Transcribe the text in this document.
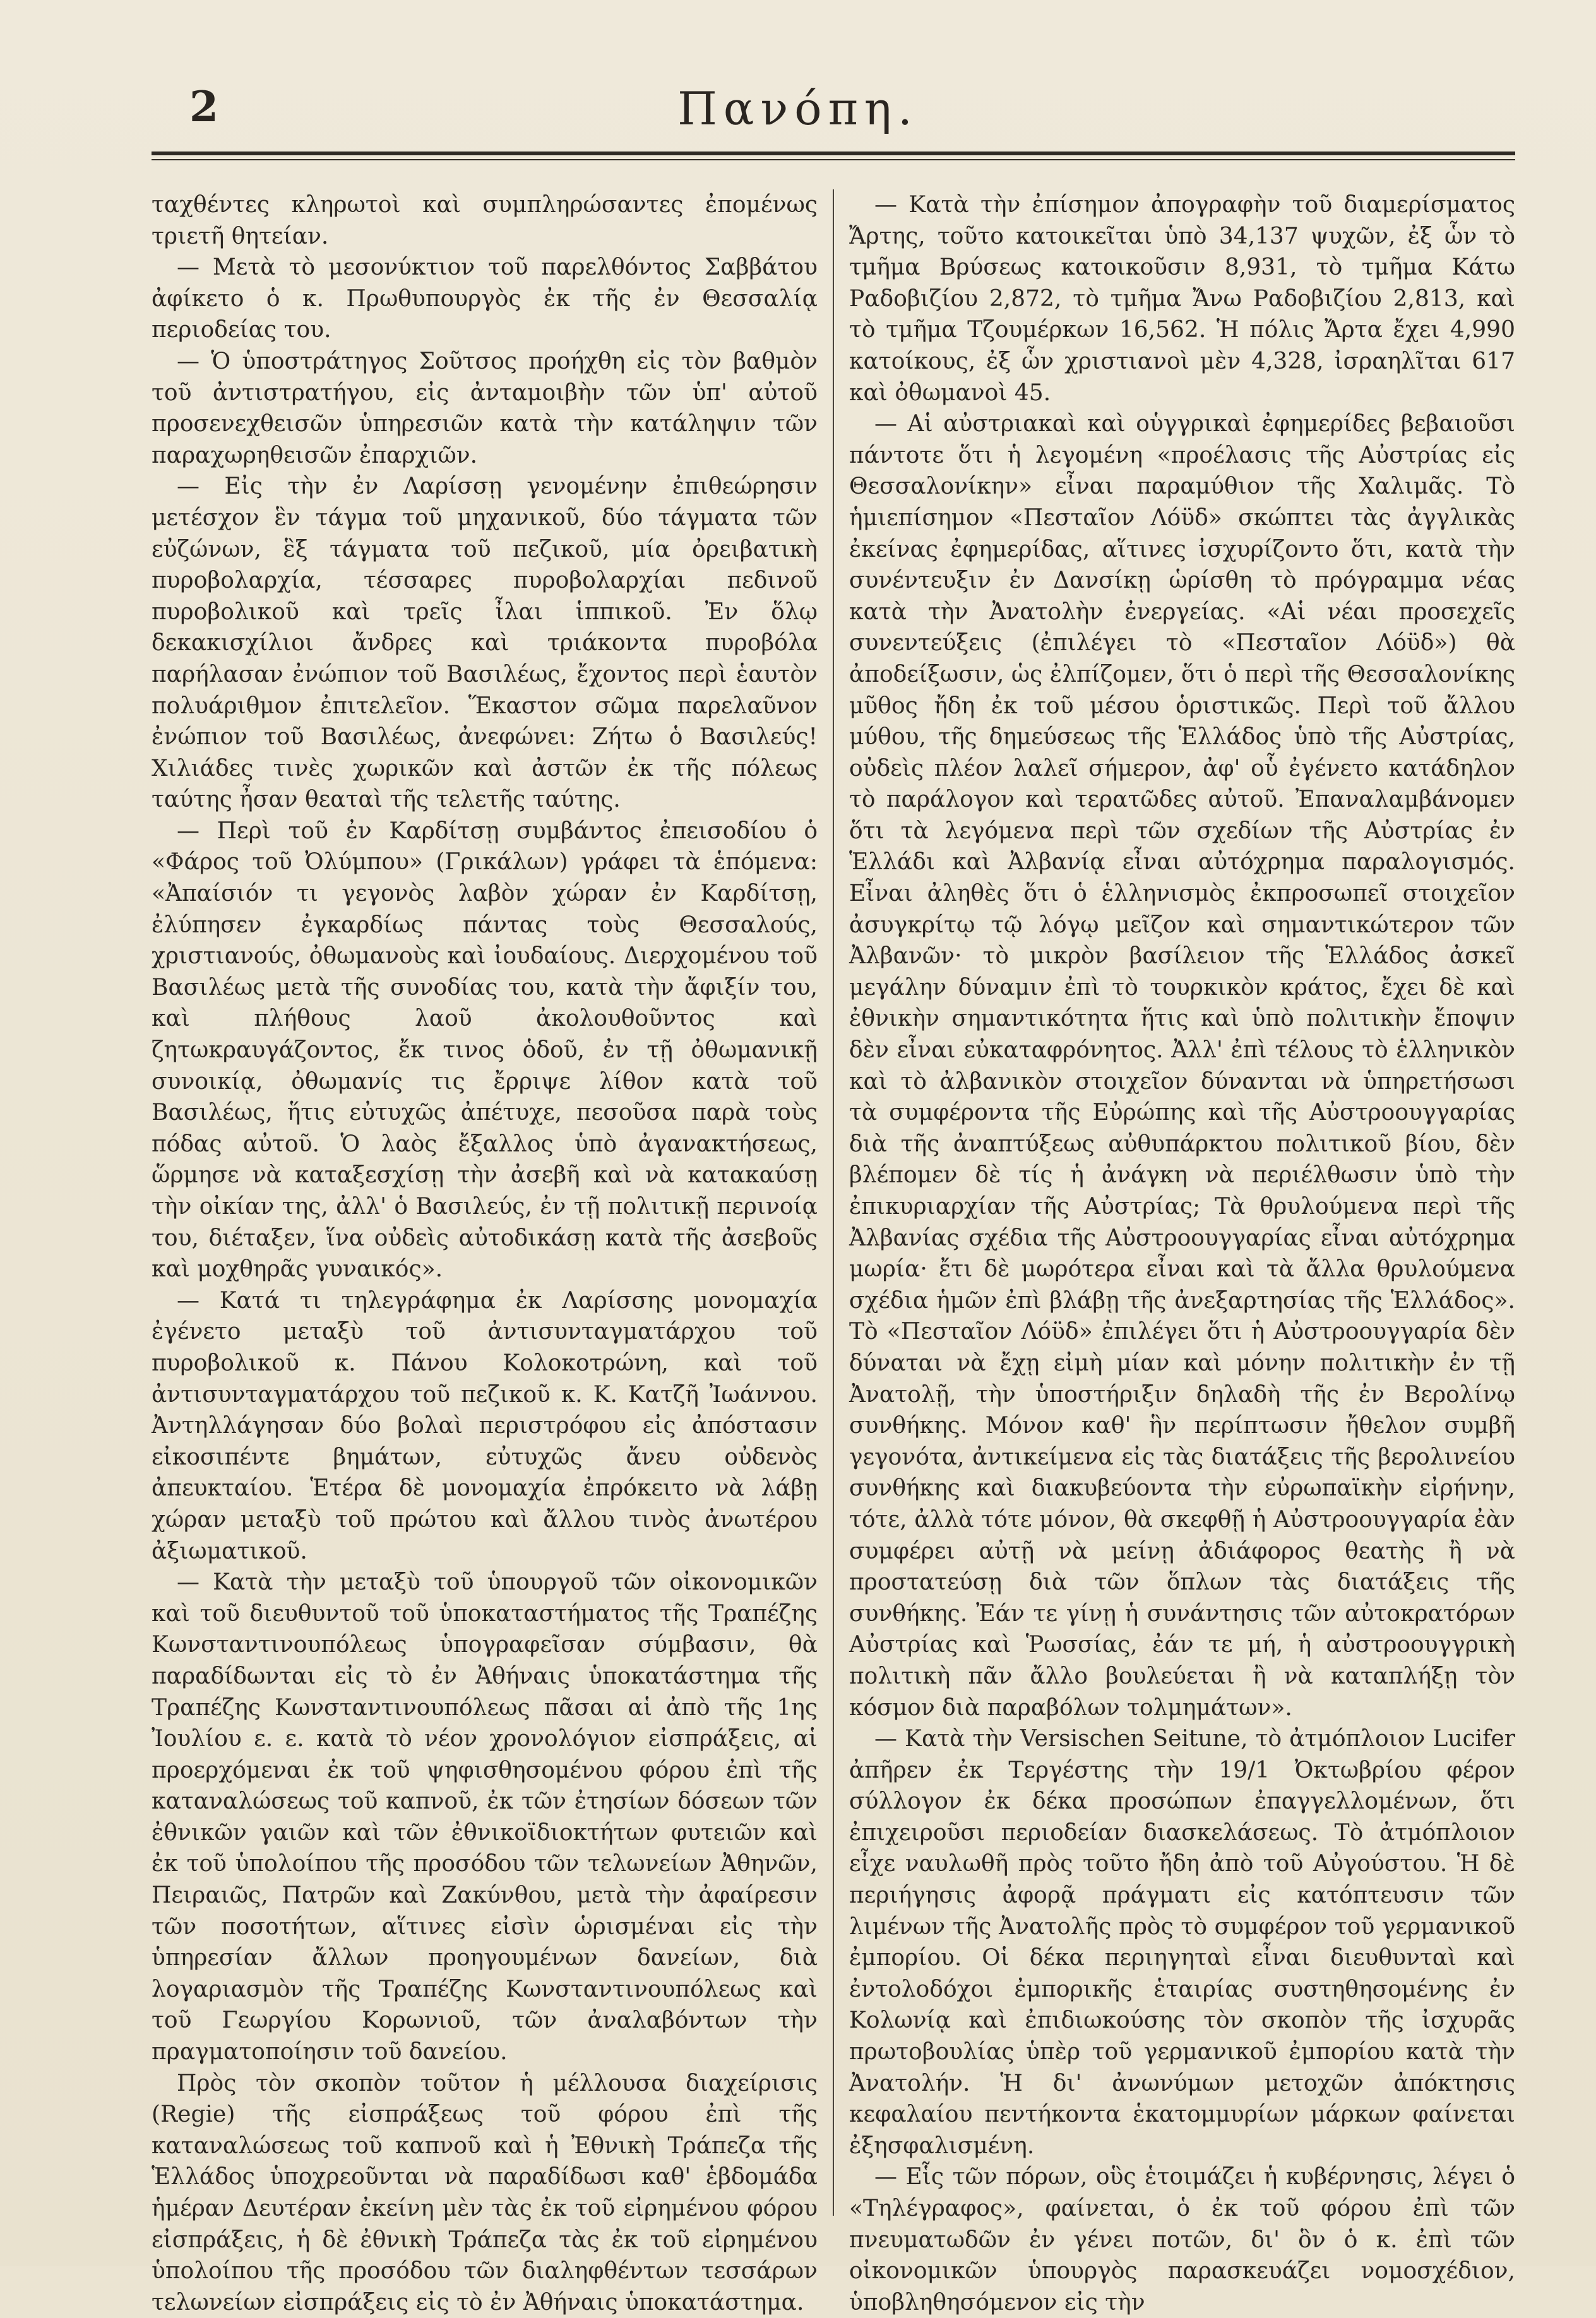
2	Πανόπη.

ταχθέντες κληρωτοὶ καὶ συμπληρώσαντες ἐπομένως τριετῆ θητείαν.

— Μετὰ τὸ μεσονύκτιον τοῦ παρελθόντος Σαββάτου ἀφίκετο ὁ κ. Πρωθυπουργὸς ἐκ τῆς ἐν Θεσσαλίᾳ περιοδείας του.

— Ὁ ὑποστράτηγος Σοῦτσος προήχθη εἰς τὸν βαθμὸν τοῦ ἀντιστρατήγου, εἰς ἀνταμοιβὴν τῶν ὑπ' αὐτοῦ προσενεχθεισῶν ὑπηρεσιῶν κατὰ τὴν κατάληψιν τῶν παραχωρηθεισῶν ἐπαρχιῶν.

— Εἰς τὴν ἐν Λαρίσσῃ γενομένην ἐπιθεώρησιν μετέσχον ἓν τάγμα τοῦ μηχανικοῦ, δύο τάγματα τῶν εὐζώνων, ἓξ τάγματα τοῦ πεζικοῦ, μία ὀρειβατικὴ πυροβολαρχία, τέσσαρες πυροβολαρχίαι πεδινοῦ πυροβολικοῦ καὶ τρεῖς ἶλαι ἱππικοῦ. Ἐν ὅλῳ δεκακισχίλιοι ἄνδρες καὶ τριάκοντα πυροβόλα παρήλασαν ἐνώπιον τοῦ Βασιλέως, ἔχοντος περὶ ἑαυτὸν πολυάριθμον ἐπιτελεῖον. Ἕκαστον σῶμα παρελαῦνον ἐνώπιον τοῦ Βασιλέως, ἀνεφώνει: Ζήτω ὁ Βασιλεύς! Χιλιάδες τινὲς χωρικῶν καὶ ἀστῶν ἐκ τῆς πόλεως ταύτης ἦσαν θεαταὶ τῆς τελετῆς ταύτης.

— Περὶ τοῦ ἐν Καρδίτσῃ συμβάντος ἐπεισοδίου ὁ «Φάρος τοῦ Ὀλύμπου» (Γρικάλων) γράφει τὰ ἑπόμενα: «Ἀπαίσιόν τι γεγονὸς λαβὸν χώραν ἐν Καρδίτσῃ, ἐλύπησεν ἐγκαρδίως πάντας τοὺς Θεσσαλούς, χριστιανούς, ὀθωμανοὺς καὶ ἰουδαίους. Διερχομένου τοῦ Βασιλέως μετὰ τῆς συνοδίας του, κατὰ τὴν ἄφιξίν του, καὶ πλήθους λαοῦ ἀκολουθοῦντος καὶ ζητωκραυγάζοντος, ἔκ τινος ὁδοῦ, ἐν τῇ ὀθωμανικῇ συνοικίᾳ, ὀθωμανίς τις ἔρριψε λίθον κατὰ τοῦ Βασιλέως, ἥτις εὐτυχῶς ἀπέτυχε, πεσοῦσα παρὰ τοὺς πόδας αὐτοῦ. Ὁ λαὸς ἔξαλλος ὑπὸ ἀγανακτήσεως, ὥρμησε νὰ καταξεσχίσῃ τὴν ἀσεβῆ καὶ νὰ κατακαύσῃ τὴν οἰκίαν της, ἀλλ' ὁ Βασιλεύς, ἐν τῇ πολιτικῇ περινοίᾳ του, διέταξεν, ἵνα οὐδεὶς αὐτοδικάσῃ κατὰ τῆς ἀσεβοῦς καὶ μοχθηρᾶς γυναικός».

— Κατά τι τηλεγράφημα ἐκ Λαρίσσης μονομαχία ἐγένετο μεταξὺ τοῦ ἀντισυνταγματάρχου τοῦ πυροβολικοῦ κ. Πάνου Κολοκοτρώνη, καὶ τοῦ ἀντισυνταγματάρχου τοῦ πεζικοῦ κ. Κ. Κατζῆ Ἰωάννου. Ἀντηλλάγησαν δύο βολαὶ περιστρόφου εἰς ἀπόστασιν εἰκοσιπέντε βημάτων, εὐτυχῶς ἄνευ οὐδενὸς ἀπευκταίου. Ἑτέρα δὲ μονομαχία ἐπρόκειτο νὰ λάβῃ χώραν μεταξὺ τοῦ πρώτου καὶ ἄλλου τινὸς ἀνωτέρου ἀξιωματικοῦ.

— Κατὰ τὴν μεταξὺ τοῦ ὑπουργοῦ τῶν οἰκονομικῶν καὶ τοῦ διευθυντοῦ τοῦ ὑποκαταστήματος τῆς Τραπέζης Κωνσταντινουπόλεως ὑπογραφεῖσαν σύμβασιν, θὰ παραδίδωνται εἰς τὸ ἐν Ἀθήναις ὑποκατάστημα τῆς Τραπέζης Κωνσταντινουπόλεως πᾶσαι αἱ ἀπὸ τῆς 1ης Ἰουλίου ε. ε. κατὰ τὸ νέον χρονολόγιον εἰσπράξεις, αἱ προερχόμεναι ἐκ τοῦ ψηφισθησομένου φόρου ἐπὶ τῆς καταναλώσεως τοῦ καπνοῦ, ἐκ τῶν ἐτησίων δόσεων τῶν ἐθνικῶν γαιῶν καὶ τῶν ἐθνικοϊδιοκτήτων φυτειῶν καὶ ἐκ τοῦ ὑπολοίπου τῆς προσόδου τῶν τελωνείων Ἀθηνῶν, Πειραιῶς, Πατρῶν καὶ Ζακύνθου, μετὰ τὴν ἀφαίρεσιν τῶν ποσοτήτων, αἵτινες εἰσὶν ὡρισμέναι εἰς τὴν ὑπηρεσίαν ἄλλων προηγουμένων δανείων, διὰ λογαριασμὸν τῆς Τραπέζης Κωνσταντινουπόλεως καὶ τοῦ Γεωργίου Κορωνιοῦ, τῶν ἀναλαβόντων τὴν πραγματοποίησιν τοῦ δανείου.

Πρὸς τὸν σκοπὸν τοῦτον ἡ μέλλουσα διαχείρισις (Regie) τῆς εἰσπράξεως τοῦ φόρου ἐπὶ τῆς καταναλώσεως τοῦ καπνοῦ καὶ ἡ Ἐθνικὴ Τράπεζα τῆς Ἑλλάδος ὑποχρεοῦνται νὰ παραδίδωσι καθ' ἑβδομάδα ἡμέραν Δευτέραν ἐκείνη μὲν τὰς ἐκ τοῦ εἰρημένου φόρου εἰσπράξεις, ἡ δὲ ἐθνικὴ Τράπεζα τὰς ἐκ τοῦ εἰρημένου ὑπολοίπου τῆς προσόδου τῶν διαληφθέντων τεσσάρων τελωνείων εἰσπράξεις εἰς τὸ ἐν Ἀθήναις ὑποκατάστημα.

— Κατὰ τὴν ἐπίσημον ἀπογραφὴν τοῦ διαμερίσματος Ἄρτης, τοῦτο κατοικεῖται ὑπὸ 34,137 ψυχῶν, ἐξ ὧν τὸ τμῆμα Βρύσεως κατοικοῦσιν 8,931, τὸ τμῆμα Κάτω Ραδοβιζίου 2,872, τὸ τμῆμα Ἄνω Ραδοβιζίου 2,813, καὶ τὸ τμῆμα Τζουμέρκων 16,562. Ἡ πόλις Ἄρτα ἔχει 4,990 κατοίκους, ἐξ ὧν χριστιανοὶ μὲν 4,328, ἰσραηλῖται 617 καὶ ὀθωμανοὶ 45.

— Αἱ αὐστριακαὶ καὶ οὑγγρικαὶ ἐφημερίδες βεβαιοῦσι πάντοτε ὅτι ἡ λεγομένη «προέλασις τῆς Αὐστρίας εἰς Θεσσαλονίκην» εἶναι παραμύθιον τῆς Χαλιμᾶς. Τὸ ἡμιεπίσημον «Πεσταῖον Λόϋδ» σκώπτει τὰς ἀγγλικὰς ἐκείνας ἐφημερίδας, αἵτινες ἰσχυρίζοντο ὅτι, κατὰ τὴν συνέντευξιν ἐν Δανσίκῃ ὡρίσθη τὸ πρόγραμμα νέας κατὰ τὴν Ἀνατολὴν ἐνεργείας. «Αἱ νέαι προσεχεῖς συνεντεύξεις (ἐπιλέγει τὸ «Πεσταῖον Λόϋδ») θὰ ἀποδείξωσιν, ὡς ἐλπίζομεν, ὅτι ὁ περὶ τῆς Θεσσαλονίκης μῦθος ἤδη ἐκ τοῦ μέσου ὁριστικῶς. Περὶ τοῦ ἄλλου μύθου, τῆς δημεύσεως τῆς Ἑλλάδος ὑπὸ τῆς Αὐστρίας, οὐδεὶς πλέον λαλεῖ σήμερον, ἀφ' οὗ ἐγένετο κατάδηλον τὸ παράλογον καὶ τερατῶδες αὐτοῦ. Ἐπαναλαμβάνομεν ὅτι τὰ λεγόμενα περὶ τῶν σχεδίων τῆς Αὐστρίας ἐν Ἑλλάδι καὶ Ἀλβανίᾳ εἶναι αὐτόχρημα παραλογισμός. Εἶναι ἀληθὲς ὅτι ὁ ἑλληνισμὸς ἐκπροσωπεῖ στοιχεῖον ἀσυγκρίτῳ τῷ λόγῳ μεῖζον καὶ σημαντικώτερον τῶν Ἀλβανῶν· τὸ μικρὸν βασίλειον τῆς Ἑλλάδος ἀσκεῖ μεγάλην δύναμιν ἐπὶ τὸ τουρκικὸν κράτος, ἔχει δὲ καὶ ἐθνικὴν σημαντικότητα ἥτις καὶ ὑπὸ πολιτικὴν ἔποψιν δὲν εἶναι εὐκαταφρόνητος. Ἀλλ' ἐπὶ τέλους τὸ ἑλληνικὸν καὶ τὸ ἀλβανικὸν στοιχεῖον δύνανται νὰ ὑπηρετήσωσι τὰ συμφέροντα τῆς Εὐρώπης καὶ τῆς Αὐστροουγγαρίας διὰ τῆς ἀναπτύξεως αὐθυπάρκτου πολιτικοῦ βίου, δὲν βλέπομεν δὲ τίς ἡ ἀνάγκη νὰ περιέλθωσιν ὑπὸ τὴν ἐπικυριαρχίαν τῆς Αὐστρίας; Τὰ θρυλούμενα περὶ τῆς Ἀλβανίας σχέδια τῆς Αὐστροουγγαρίας εἶναι αὐτόχρημα μωρία· ἔτι δὲ μωρότερα εἶναι καὶ τὰ ἄλλα θρυλούμενα σχέδια ἡμῶν ἐπὶ βλάβῃ τῆς ἀνεξαρτησίας τῆς Ἑλλάδος». Τὸ «Πεσταῖον Λόϋδ» ἐπιλέγει ὅτι ἡ Αὐστροουγγαρία δὲν δύναται νὰ ἔχῃ εἰμὴ μίαν καὶ μόνην πολιτικὴν ἐν τῇ Ἀνατολῇ, τὴν ὑποστήριξιν δηλαδὴ τῆς ἐν Βερολίνῳ συνθήκης. Μόνον καθ' ἣν περίπτωσιν ἤθελον συμβῆ γεγονότα, ἀντικείμενα εἰς τὰς διατάξεις τῆς βερολινείου συνθήκης καὶ διακυβεύοντα τὴν εὐρωπαϊκὴν εἰρήνην, τότε, ἀλλὰ τότε μόνον, θὰ σκεφθῇ ἡ Αὐστροουγγαρία ἐὰν συμφέρει αὐτῇ νὰ μείνῃ ἀδιάφορος θεατὴς ἢ νὰ προστατεύσῃ διὰ τῶν ὅπλων τὰς διατάξεις τῆς συνθήκης. Ἐάν τε γίνῃ ἡ συνάντησις τῶν αὐτοκρατόρων Αὐστρίας καὶ Ῥωσσίας, ἐάν τε μή, ἡ αὐστροουγγρικὴ πολιτικὴ πᾶν ἄλλο βουλεύεται ἢ νὰ καταπλήξῃ τὸν κόσμον διὰ παραβόλων τολμημάτων».

— Κατὰ τὴν Versischen Seitune, τὸ ἀτμόπλοιον Lucifer ἀπῆρεν ἐκ Τεργέστης τὴν 19/1 Ὀκτωβρίου φέρον σύλλογον ἐκ δέκα προσώπων ἐπαγγελλομένων, ὅτι ἐπιχειροῦσι περιοδείαν διασκελάσεως. Τὸ ἀτμόπλοιον εἶχε ναυλωθῆ πρὸς τοῦτο ἤδη ἀπὸ τοῦ Αὐγούστου. Ἡ δὲ περιήγησις ἀφορᾷ πράγματι εἰς κατόπτευσιν τῶν λιμένων τῆς Ἀνατολῆς πρὸς τὸ συμφέρον τοῦ γερμανικοῦ ἐμπορίου. Οἱ δέκα περιηγηταὶ εἶναι διευθυνταὶ καὶ ἐντολοδόχοι ἐμπορικῆς ἑταιρίας συστηθησομένης ἐν Κολωνίᾳ καὶ ἐπιδιωκούσης τὸν σκοπὸν τῆς ἰσχυρᾶς πρωτοβουλίας ὑπὲρ τοῦ γερμανικοῦ ἐμπορίου κατὰ τὴν Ἀνατολήν. Ἡ δι' ἀνωνύμων μετοχῶν ἀπόκτησις κεφαλαίου πεντήκοντα ἑκατομμυρίων μάρκων φαίνεται ἐξησφαλισμένη.

— Εἷς τῶν πόρων, οὓς ἑτοιμάζει ἡ κυβέρνησις, λέγει ὁ «Τηλέγραφος», φαίνεται, ὁ ἐκ τοῦ φόρου ἐπὶ τῶν πνευματωδῶν ἐν γένει ποτῶν, δι' ὃν ὁ κ. ἐπὶ τῶν οἰκονομικῶν ὑπουργὸς παρασκευάζει νομοσχέδιον, ὑποβληθησόμενον εἰς τὴν
